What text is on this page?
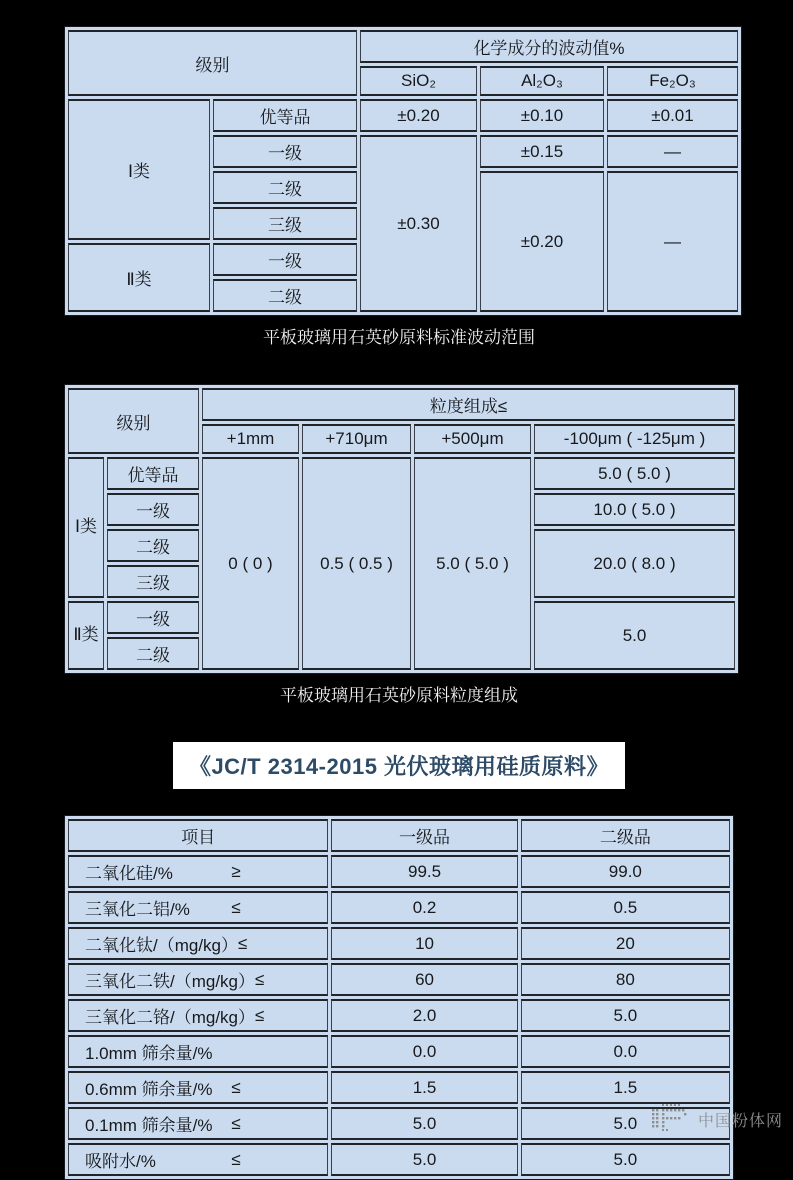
级别		化学成分的波动值%		
		SiO₂	Al₂O₃	Fe₂O₃
Ⅰ类	优等品	±0.20	±0.10	±0.01
	一级	±0.30	±0.15	—
	二级		±0.20	—
	三级			
Ⅱ类	一级			
	二级			
平板玻璃用石英砂原料标准波动范围
级别		粒度组成≤			
		+1mm	+710μm	+500μm	-100μm ( -125μm )
Ⅰ类	优等品	0 ( 0 )	0.5 ( 0.5 )	5.0 ( 5.0 )	5.0 ( 5.0 )
	一级				10.0 ( 5.0 )
	二级				20.0 ( 8.0 )
	三级				
Ⅱ类	一级				5.0
	二级				
平板玻璃用石英砂原料粒度组成
《JC/T 2314-2015 光伏玻璃用硅质原料》
项目	一级品	二级品

二氧化硅/% ≥	99.5	99.0

三氧化二铝/% ≤	0.2	0.5

二氧化钛/（mg/kg） ≤	10	20

三氧化二铁/（mg/kg） ≤	60	80

三氧化二铬/（mg/kg） ≤	2.0	5.0

1.0mm 筛余量/%	0.0	0.0

0.6mm 筛余量/% ≤	1.5	1.5

0.1mm 筛余量/% ≤	5.0	5.0

吸附水/% ≤	5.0	5.0
中国粉体网
